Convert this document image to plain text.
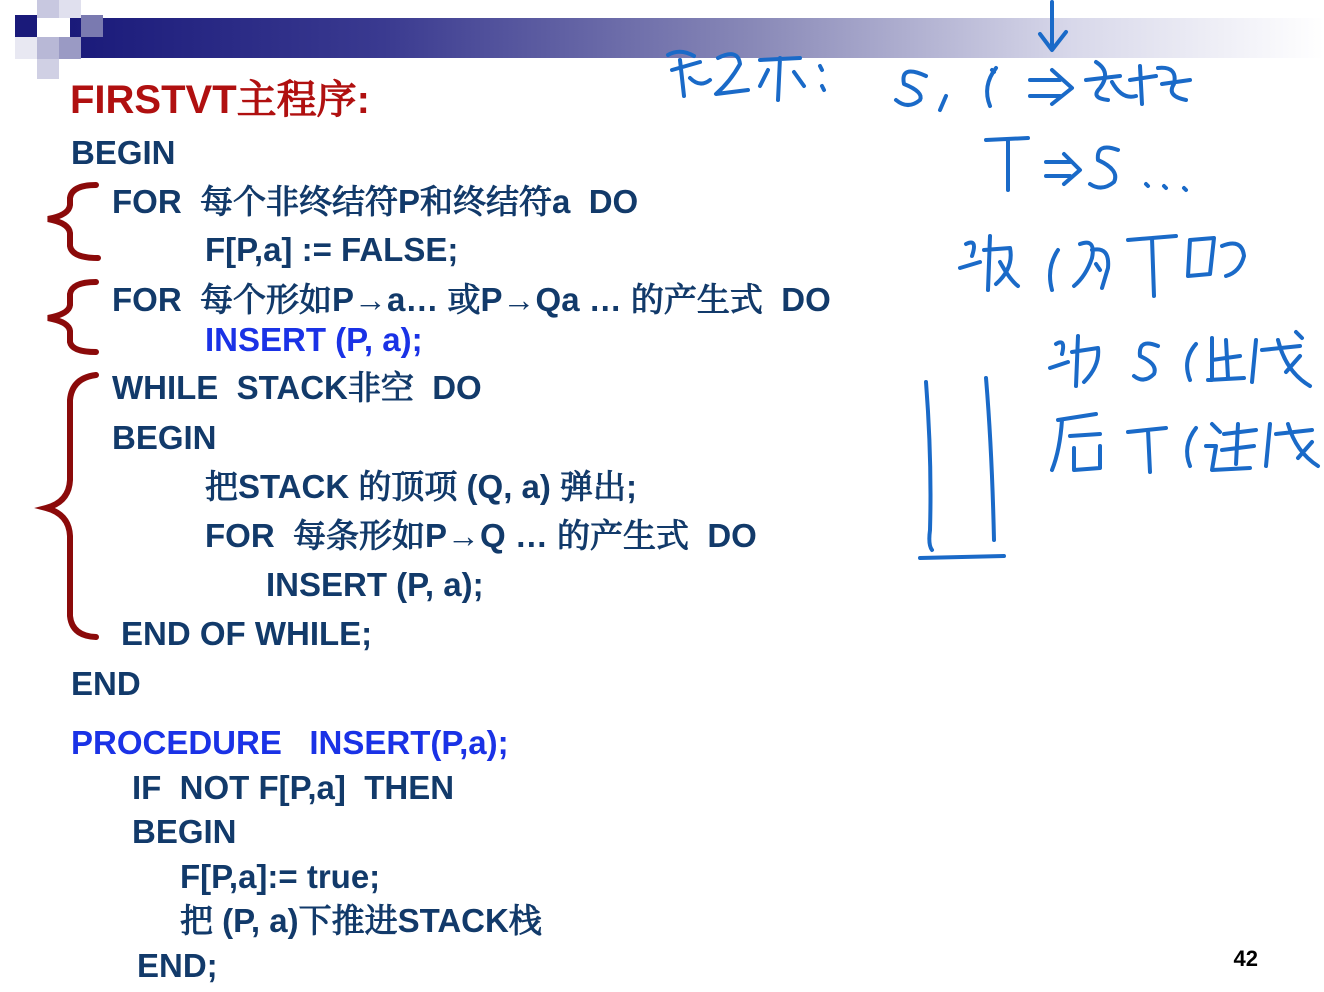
FIRSTVT主程序:
BEGIN
FOR  每个非终结符P和终结符a  DO
F[P,a] := FALSE;
FOR  每个形如P→a… 或P→Qa … 的产生式  DO
INSERT (P, a);
WHILE  STACK非空  DO
BEGIN
把STACK 的顶项 (Q, a) 弹出;
FOR  每条形如P→Q … 的产生式  DO
INSERT (P, a);
END OF WHILE;
END
PROCEDURE   INSERT(P,a);
IF  NOT F[P,a]  THEN
BEGIN
F[P,a]:= true;
把 (P, a)下推进STACK栈
END;	42
